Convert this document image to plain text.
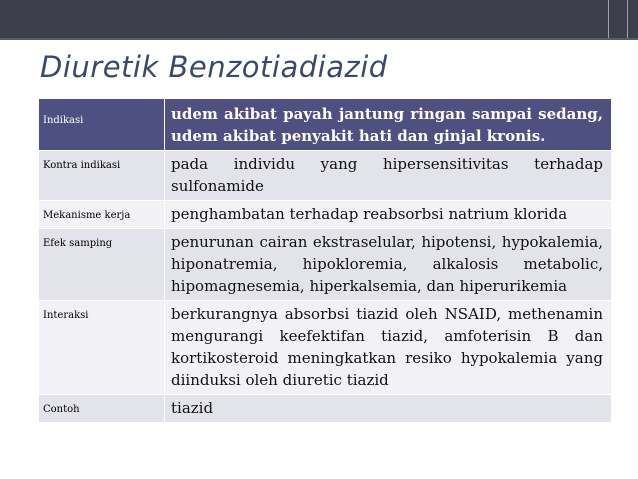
Diuretik Benzotiadiazid
Indikasi	udem akibat payah jantung ringan sampai sedang, udem akibat penyakit hati dan ginjal kronis.
Kontra indikasi	pada individu yang hipersensitivitas terhadap sulfonamide
Mekanisme kerja	penghambatan terhadap reabsorbsi natrium klorida
Efek samping	penurunan cairan ekstraselular, hipotensi, hypokalemia, hiponatremia, hipokloremia, alkalosis metabolic, hipomagnesemia, hiperkalsemia, dan hiperurikemia
Interaksi	berkurangnya absorbsi tiazid oleh NSAID, methenamin mengurangi keefektifan tiazid, amfoterisin B dan kortikosteroid meningkatkan resiko hypokalemia yang diinduksi oleh diuretic tiazid
Contoh	tiazid
